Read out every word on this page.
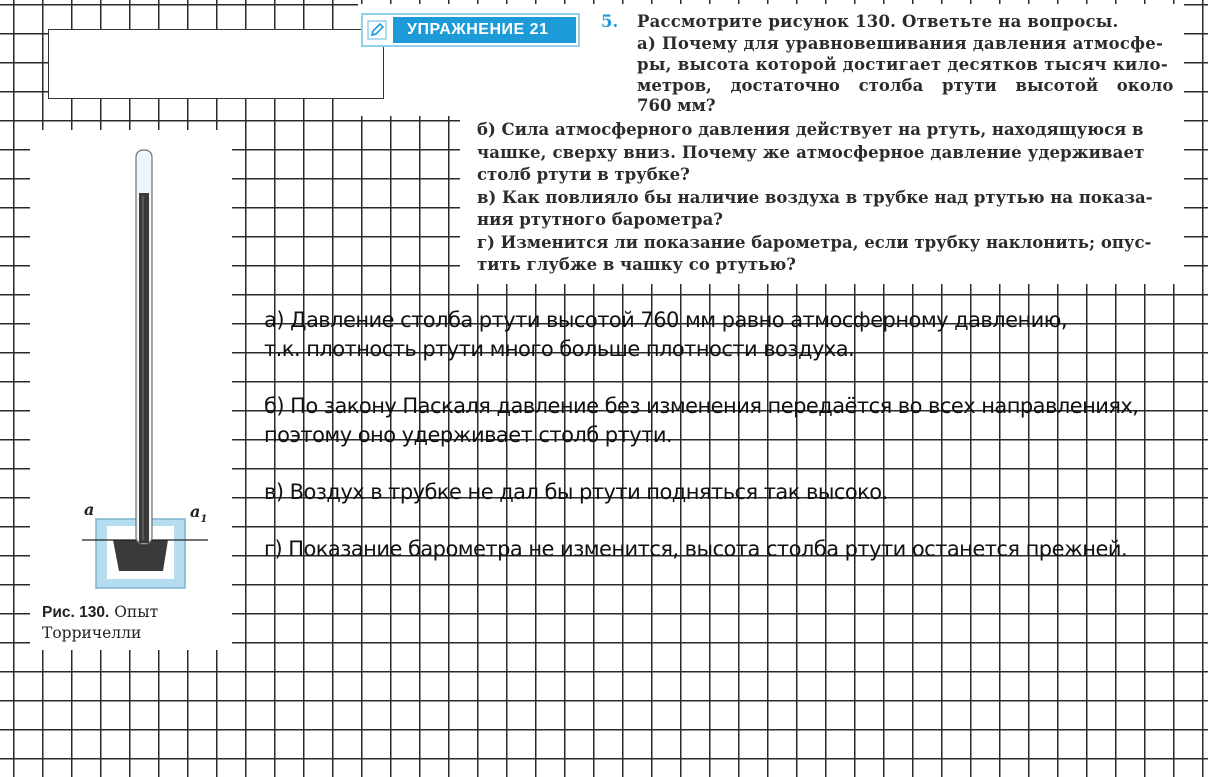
УПРАЖНЕНИЕ 21	5. Рассмотрите рисунок 130. Ответьте на вопросы.
а) Почему для уравновешивания давления атмосфе-
ры, высота которой достигает десятков тысяч кило-
метров, достаточно столба ртути высотой около
760 мм?
б) Сила атмосферного давления действует на ртуть, находящуюся в
чашке, сверху вниз. Почему же атмосферное давление удерживает
столб ртути в трубке?
в) Как повлияло бы наличие воздуха в трубке над ртутью на показа-
ния ртутного барометра?
г) Изменится ли показание барометра, если трубку наклонить; опус-
тить глубже в чашку со ртутью?
a	$a_1$
Рис. 130. Опыт
Торричелли

а) Давление столба ртути высотой 760 мм равно атмосферному давлению,

т.к. плотность ртути много больше плотности воздуха.

б) По закону Паскаля давление без изменения передаётся во всех направлениях,

поэтому оно удерживает столб ртути.

в) Воздух в трубке не дал бы ртути подняться так высоко.

г) Показание барометра не изменится, высота столба ртути останется прежней.
